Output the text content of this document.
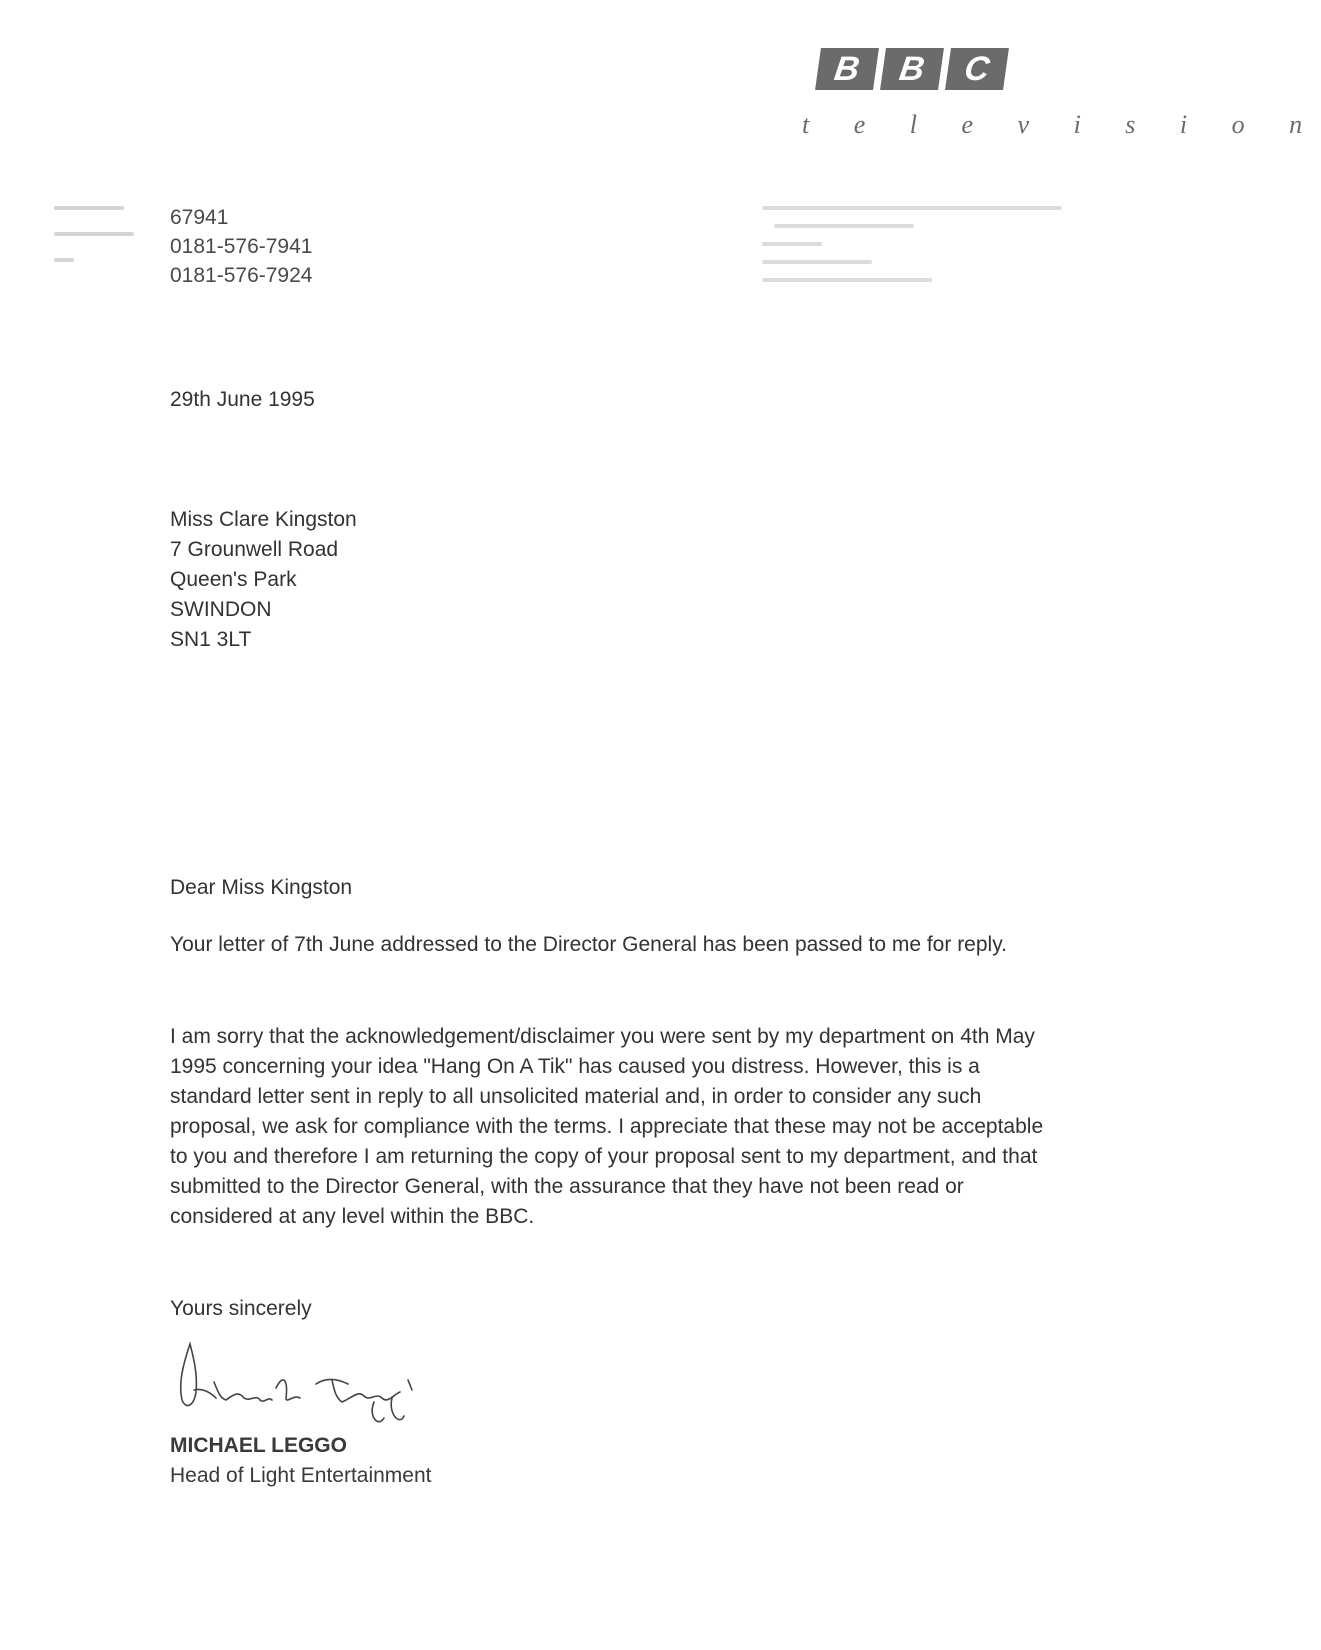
B	B	C
t e l e v i s i o n
67941
0181-576-7941
0181-576-7924
29th June 1995
Miss Clare Kingston
7 Grounwell Road
Queen's Park
SWINDON
SN1 3LT
Dear Miss Kingston
Your letter of 7th June addressed to the Director General has been passed to me for reply.
I am sorry that the acknowledgement/disclaimer you were sent by my department on 4th May 1995 concerning your idea "Hang On A Tik" has caused you distress. However, this is a standard letter sent in reply to all unsolicited material and, in order to consider any such proposal, we ask for compliance with the terms. I appreciate that these may not be acceptable to you and therefore I am returning the copy of your proposal sent to my department, and that submitted to the Director General, with the assurance that they have not been read or considered at any level within the BBC.
Yours sincerely
MICHAEL LEGGO
Head of Light Entertainment
